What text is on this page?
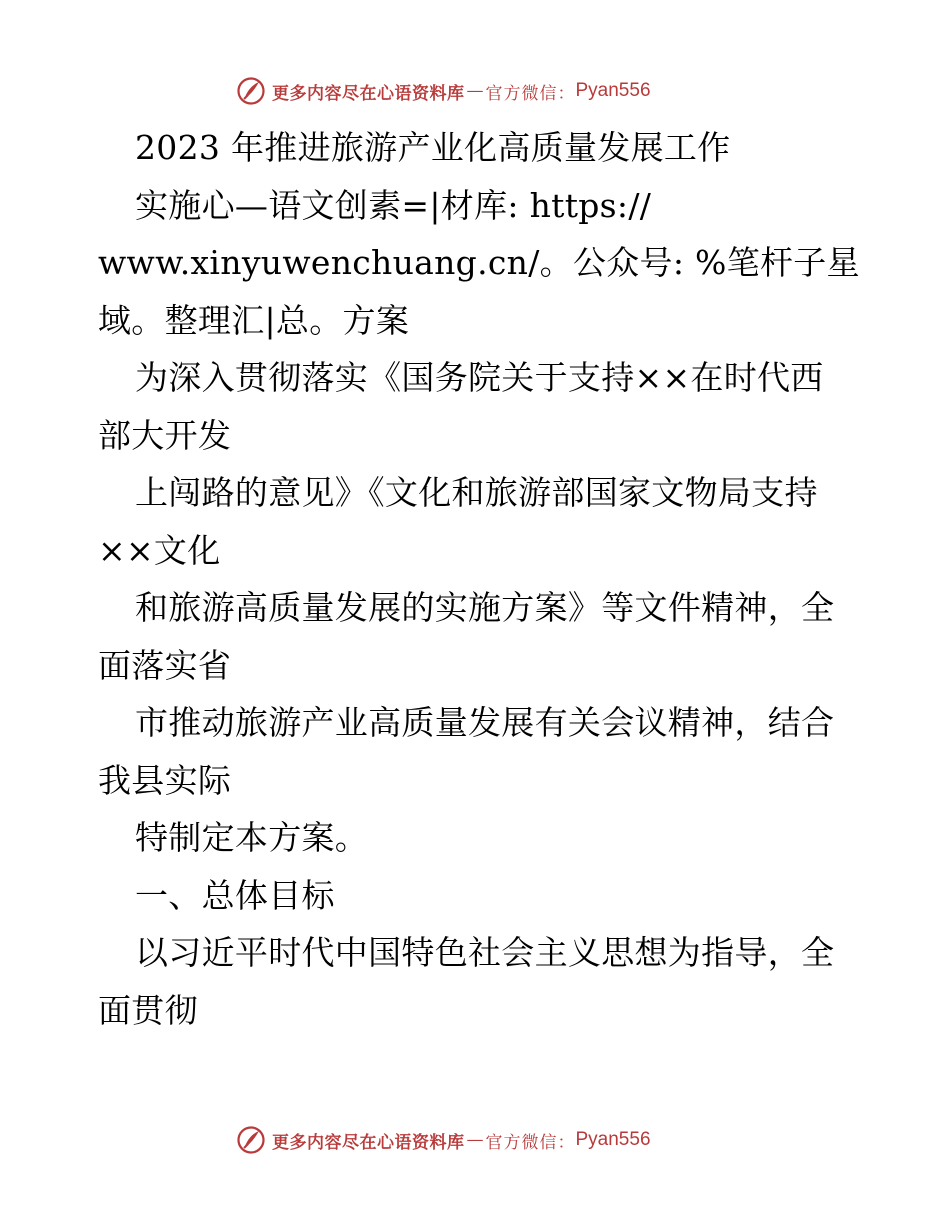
更多内容尽在心语资料库 — 官方微信： Pyan556
2023 年推进旅游产业化高质量发展工作
实施心—语文创素=|材库: https://
www.xinyuwenchuang.cn/。公众号: %笔杆子星
域。整理汇|总。方案
为深入贯彻落实《国务院关于支持××在时代西
部大开发
上闯路的意见》《文化和旅游部国家文物局支持
××文化
和旅游高质量发展的实施方案》等文件精神，全
面落实省
市推动旅游产业高质量发展有关会议精神，结合
我县实际
特制定本方案。
一、总体目标
以习近平时代中国特色社会主义思想为指导，全
面贯彻
更多内容尽在心语资料库 — 官方微信： Pyan556
